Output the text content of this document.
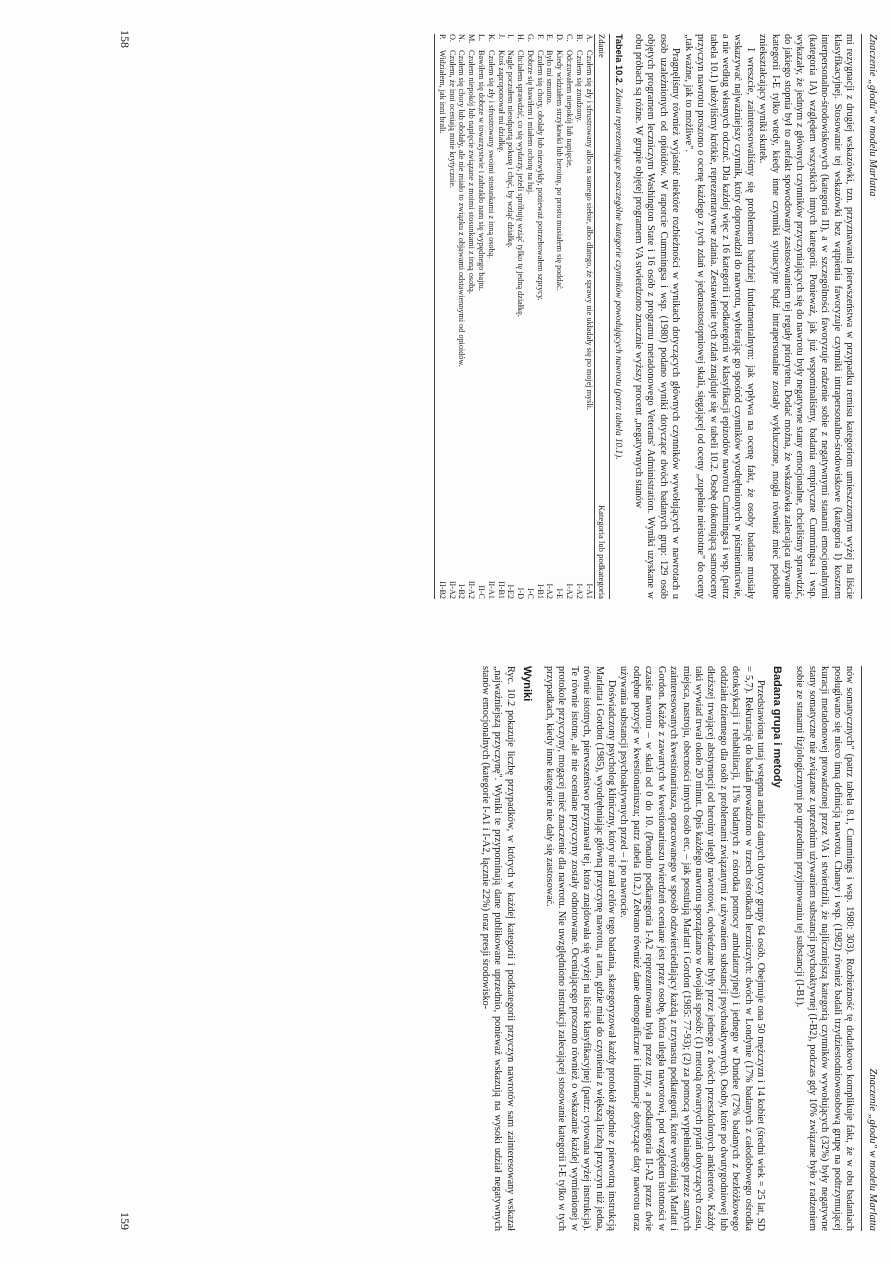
Znaczenie „głodu" w modelu Marlatta

mi rezygnacji z drugiej wskazówki, tzn. przyznawania pierwszeństwa w przypadku remisu kategoriom umieszczonym wyżej na liście klasyfikacyjnej. Stosowanie tej wskazówki bez wątpienia faworyzuje czynniki intrapersonalno-środowiskowe (kategoria I) kosztem interpersonalno-środowiskowych (kategoria II), a w szczególności faworyzuje radzenie sobie z negatywnymi stanami emocjonalnymi (kategoria IA) względem wszystkich innych kategorii. Ponieważ, jak już wspominaliśmy, badania empiryczne Cummingsa i wsp. wykazały, że jednym z głównych czynników przyczyniających się do nawrotu były negatywne stany emocjonalne, chcieliśmy sprawdzić, do jakiego stopnia był to artefakt spowodowany zastosowaniem tej reguły priorytetu. Dodać można, że wskazówka zalecająca używanie kategorii I-E tylko wtedy, kiedy inne czynniki sytuacyjne bądź intrapersonalne zostały wykluczone, mogła również mieć podobne zniekształcający wyniki skutek.

I wreszcie, zainteresowaliśmy się problemem bardziej fundamentalnym: jak wpływa na ocenę fakt, że osoby badane musiały wskazywać najważniejszy czynnik, który doprowadził do nawrotu, wybierając go spośród czynników wyodrębnionych w piśmiennictwie, a nie według własnych odczuć. Dla każdej więc z 16 kategorii i podkategorii w klasyfikacji epizodów nawrotu Cummingsa i wsp. (patrz tabela 10.1) ułożyliśmy krótkie, reprezentatywne zdania. Zestawienie tych zdań znajduje się w tabeli 10.2. Osobę dokonującą samooceny przyczyn nawrotu proszono o ocenę każdego z tych zdań w jedenastostopniowej skali, sięgającej od oceny „zupełnie nieistotne" do oceny „tak ważne, jak to możliwe".

Pragnęliśmy również wyjaśnić niektóre rozbieżności w wynikach dotyczących głównych czynników wywołujących w nawrotach u osób uzależnionych od opioidów. W raporcie Cummingsa i wsp. (1980) podano wyniki dotyczące dwóch badanych grup: 129 osób objętych programem leczniczym Washington State i 16 osób z programu metadonowego Veterans' Administration. Wyniki uzyskane w obu próbach są różne. W grupie objętej programem VA stwierdzono znacznie wyższy procent „negatywnych stanów

Tabela 10.2. Zdania reprezentujące poszczególne kategorie czynników powodujących nawrotu (patrz tabela 10.1).
Zdanie
Kategoria lub podkategoria
A.
Czułem się zły i sfrustrowany albo na samego siebie, albo dlatego, że sprawy nie układały się po mojej myśli.
I-A1
B.
Czułem się znudzony.
I-A2
C.
Odczuwałem niepokój lub napięcie.
I-A2
D.
Kiedy widziałem strzykawki lub heroinę, po prostu musiałem się poddać.
I-E
E.
Było mi smutno.
I-A2
F.
Czułem się chory, obolały lub niezwykły, ponieważ potrzebowałem szprycy.
I-B1
G.
Dobrze się bawiłem i miałem ochotę na haj.
I-C
H.
Chciałem sprawdzić, co się wydarzy, jeżeli spróbuję wziąć tylko tę jedną działkę.
I-D
I.
Nagle poczułem nieodpartą pokusę i chęć, by wziąć działkę.
I-E2
J.
Ktoś zaproponował mi działkę.
II-B1
K.
Czułem się zły i sfrustrowany swoimi stosunkami z inną osobą.
II-A1
L.
Bawiłem się dobrze w towarzystwie i zabrakło nam się wypędnego bajtu.
II-C
M.
Czułem niepokój lub napięcie związane z moimi stosunkami z inną osobą.
II-A2
N.
Czułem się chory lub obolały, ale nie miało to związku z objawami odstawiennymi od opioidów.
I-B2
O.
Czułem, że inni oceniają mnie krytycznie.
II-A2
P.
Widziałem, jak inni brali.
II-B2
158
Znaczenie „głodu" w modelu Marlatta

nów somatycznych" (patrz tabela 8.1, Cummings i wsp. 1980: 303). Rozbieżność tę dodatkowo komplikuje fakt, że w obu badaniach posługiwano się nieco inną definicją nawrotu. Chaney i wsp. (1982) również badali trzydziestodniowosobową grupę na podtrzymującej kuracji metadonowej prowadzonej przez VA i stwierdzili, że najliczniejszą kategorią czynników wywołujących (32%) były negatywne stany somatyczne nie związane z uprzednim używaniem substancji psychoaktywnej (I-B2), podczas gdy 10% związane było z radzeniem sobie ze stanami fizjologicznymi po uprzednim przyjmowaniu tej substancji (I-B1).

Badana grupa i metody

Przedstawiona tutaj wstępna analiza danych dotyczy grupy 64 osób. Obejmuje ona 50 mężczyzn i 14 kobiet (średni wiek = 25 lat, SD = 5,7). Rekrutację do badań prowadzono w trzech ośrodkach leczniczych: dwóch w Londynie (17% badanych z całodobowego ośrodka detoksykacji i rehabilitacji, 11% badanych z ośrodka pomocy ambulatoryjnej) i jednego w Dundee (72% badanych z bezłóżkowego oddziału dziennego dla osób z problemami związanymi z używaniem substancji psychoaktywnych). Osoby, które po dwutygodniowej lub dłuższej trwającej abstynencji od heroiny uległy nawrotowi, odwiedzane były przez jednego z dwóch przeszkolonych ankieterów. Każdy taki wywiad trwał około 20 minut. Opis każdego nawrotu sporządzano w dwojaki sposób: (1) metodą otwartych pytań dotyczących czasu, miejsca, nastroju, obecności innych osób etc. – jak postulują Marlatt i Gordon (1985: 77-93); (2) za pomocą wypełnianego przez samych zainteresowanych kwestionariusza, opracowanego w sposób odzwierciedlający każdą z trzynastu podkategorii, które wyróżniają Marlatt i Gordon. Każde z zawartych w kwestionariuszu twierdzeń oceniane jest przez osobę, która uległa nawrotowi, pod względem istotności w czasie nawrotu – w skali od 0 do 10. (Ponadto podkategoria I-A2 reprezentowana była przez trzy, a podkategoria II-A2 przez dwie odrębne pozycje w kwestionariuszu; patrz tabela 10.2.) Zebrano również dane demograficzne i informacje dotyczące daty nawrotu oraz używania substancji psychoaktywnych przed – i po nawrocie.

Doświadczony psycholog kliniczny, który nie znał celów tego badania, skategoryzował każdy protokół zgodnie z pierwotną instrukcją Marlatta i Gordon (1985), wyodrębniając główną przyczynę nawrotu, a tam, gdzie miał do czynienia z większą liczbą przyczyn niż jedna, równie istotnych, pierwszeństwo przyznawał tej, która znajdowała się wyżej na liście klasyfikacyjnej (patrz: cytowana wyżej instrukcja). Te równie istotne, ale nie oceniane przyczyny zostały odnotowane. Oceniającego proszono również o wskazanie każdej wymienionej w protokole przyczyny, mogącej mieć znaczenie dla nawrotu. Nie uwzględniono instrukcji zalecającej stosowanie kategorii I-E tylko w tych przypadkach, kiedy inne kategorie nie dały się zastosować.

Wyniki

Ryc. 10.2 pokazuje liczbę przypadków, w których w każdej kategorii i podkategorii przyczyn nawrotów sam zainteresowany wskazał „najważniejszą przyczynę". Wyniki te przypominają dane publikowane uprzednio, ponieważ wskazują na wysoki udział negatywnych stanów emocjonalnych (kategorie I-A1 i I-A2, łącznie 22%) oraz presji środowisko-

159
